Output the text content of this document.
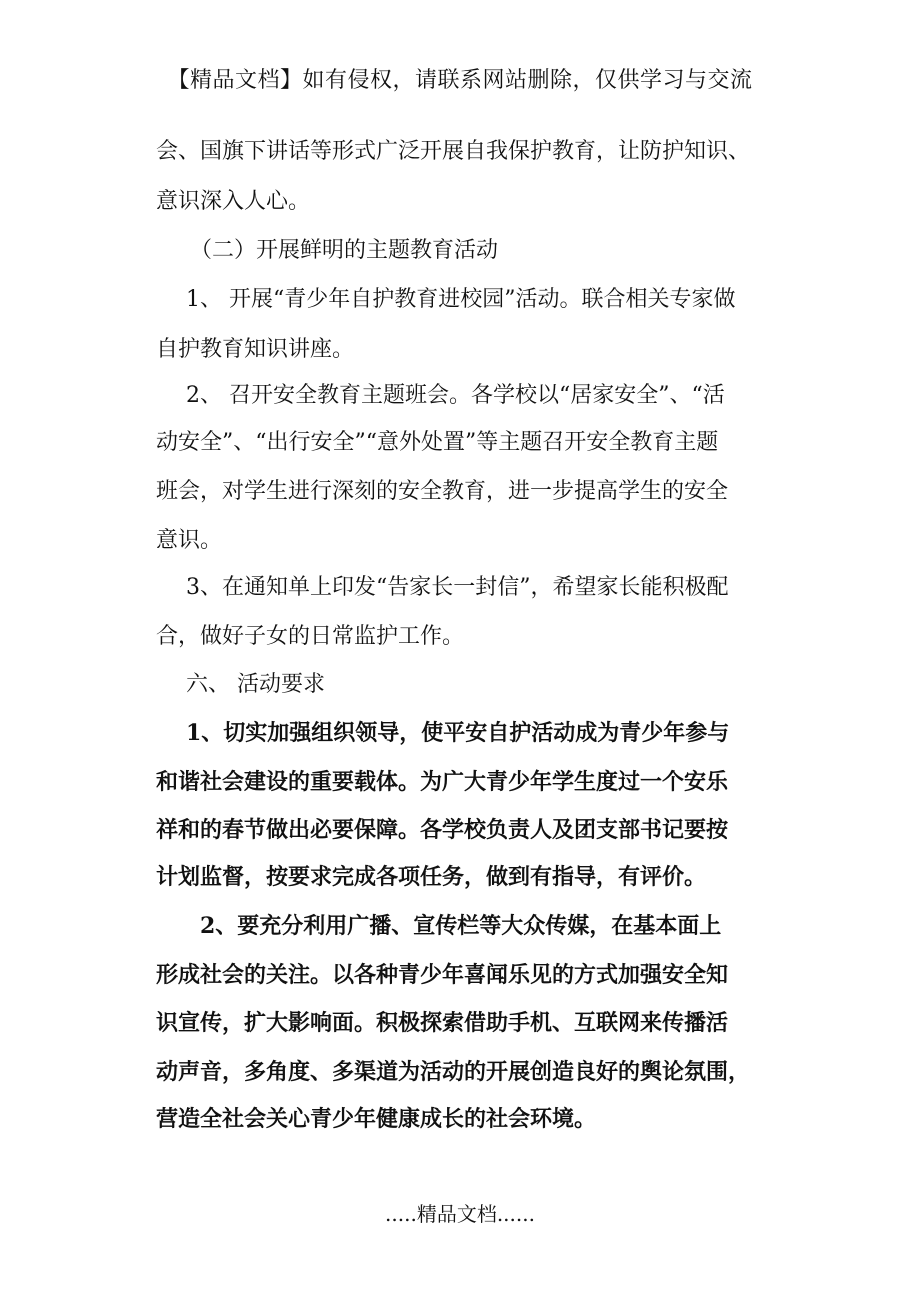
【精品文档】如有侵权，请联系网站删除，仅供学习与交流
会、国旗下讲话等形式广泛开展自我保护教育，让防护知识、
意识深入人心。
（二）开展鲜明的主题教育活动
1、 开展“青少年自护教育进校园”活动。联合相关专家做
自护教育知识讲座。
2、 召开安全教育主题班会。各学校以“居家安全”、“活
动安全”、“出行安全”“意外处置”等主题召开安全教育主题
班会，对学生进行深刻的安全教育，进一步提高学生的安全
意识。
3、在通知单上印发“告家长一封信”，希望家长能积极配
合，做好子女的日常监护工作。
六、 活动要求
1、切实加强组织领导，使平安自护活动成为青少年参与
和谐社会建设的重要载体。为广大青少年学生度过一个安乐
祥和的春节做出必要保障。各学校负责人及团支部书记要按
计划监督，按要求完成各项任务，做到有指导，有评价。
2、要充分利用广播、宣传栏等大众传媒，在基本面上
形成社会的关注。以各种青少年喜闻乐见的方式加强安全知
识宣传，扩大影响面。积极探索借助手机、互联网来传播活
动声音，多角度、多渠道为活动的开展创造良好的舆论氛围，
营造全社会关心青少年健康成长的社会环境。
.....精品文档......
